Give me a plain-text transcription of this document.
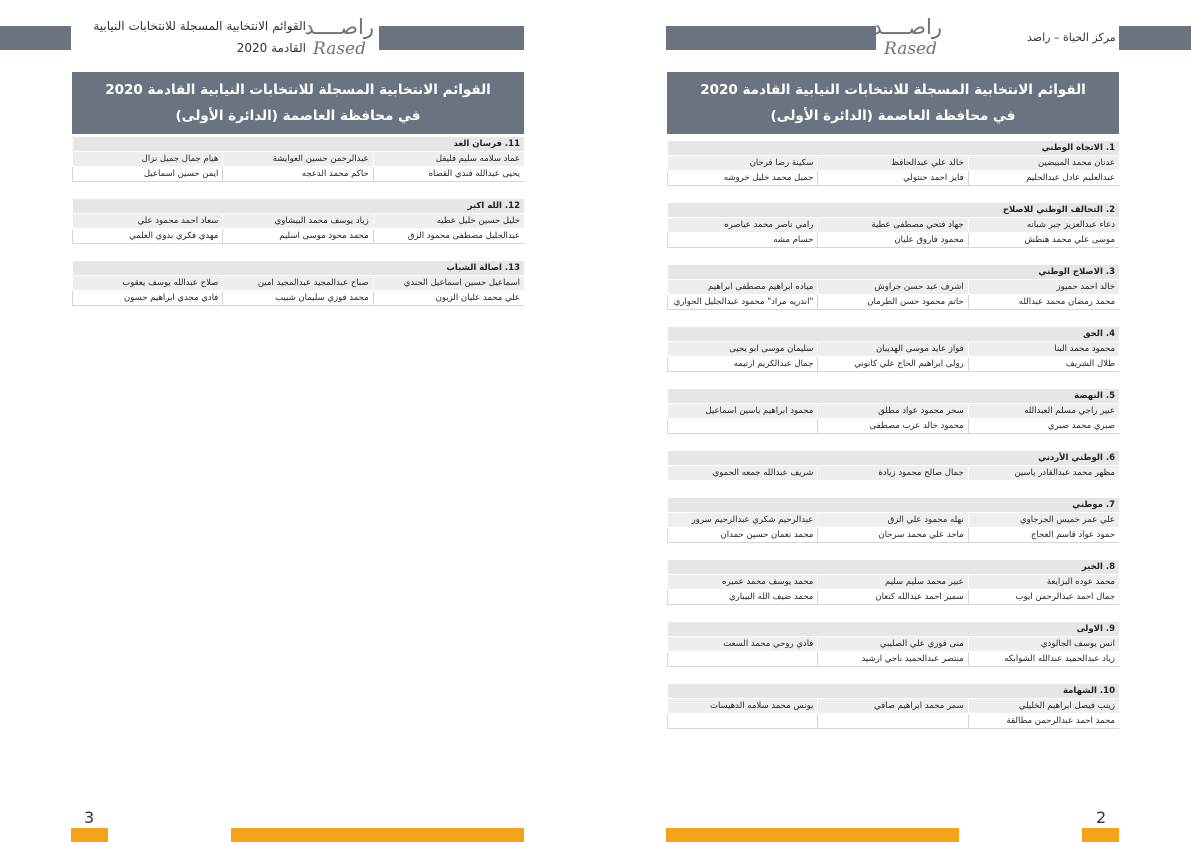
القوائم الانتخابية المسجلة للانتخابات النيابية
القادمة 2020
راصــــد
Rased
القوائم الانتخابية المسجلة للانتخابات النيابية القادمة 2020
في محافظة العاصمة (الدائرة الأولى)
11. فرسان الغد		
عماد سلامه سليم فليفل	عبدالرحمن حسين العوايشة	هيام جمال جميل نزال
يحيى عبدالله فندي القضاه	حاكم محمد الدعجه	ايمن حسين اسماعيل

12. الله اكبر		
خليل حسين خليل عطيه	زياد يوسف محمد البيشاوي	سعاد احمد محمود علي
عبدالجليل مصطفى محمود الزق	محمد محود موسى اسليم	مهدي فكري بدوي العلمي

13. اصالة الشباب		
اسماعيل حسين اسماعيل الجندي	صباح عبدالمجيد عبدالمجيد امين	صلاح عبدالله يوسف يعقوب
علي محمد عليان الزيون	محمد فوزي سليمان شبيب	فادي مجدي ابراهيم حسون
3
راصــــد
Rased
مركز الحياة – راصد
القوائم الانتخابية المسجلة للانتخابات النيابية القادمة 2020
في محافظة العاصمة (الدائرة الأولى)
1. الاتجاه الوطني		
عدنان محمد المبيضين	خالد علي عبدالحافظ	سكينة رضا فرحان
عبدالعليم عادل عبدالحليم	فايز احمد حنتولي	جميل محمد خليل خروشه

2. التحالف الوطني للاصلاح		
دعاء عبدالعزيز جبر شبانه	جهاد فتحي مصطفى عطية	رامي ناصر محمد عياصره
موسى علي محمد هنطش	محمود فاروق عليان	حسام مشه

3. الاصلاح الوطني		
خالد احمد حميوز	اشرف عبد حسن جراوش	مياده ابراهيم مصطفى ابراهيم
محمد رمضان محمد عبدالله	حاتم محمود حسن الطرمان	"اندريه مراد" محمود عبدالجليل الحواري

4. الحق		
محمود محمد البنا	فواز عايد موسى الهديبان	سليمان موسى ابو يحيى
طلال الشريف	رولى ابراهيم الحاج علي كانوني	جمال عبدالكريم ارتيمه

5. النهضة		
عبير راجي مسلم العبدالله	سحر محمود عواد مطلق	محمود ابراهيم ياسين اسماعيل
صبري محمد صبري	محمود خالد عرب مصطفى	

6. الوطني الأردني		
مظهر محمد عبدالقادر ياسين	جمال صالح محمود زيادة	شريف عبدالله جمعه الحموي

7. موطني		
علي عمر خميس الجرجاوي	نهله محمود علي الزق	عبدالرحيم شكري عبدالرحيم سرور
حمود عواد قاسم العجاج	ماجد علي محمد سرحان	محمد نعمان حسين حمدان

8. الخير		
محمد عوده البزايعة	عبير محمد سليم سليم	محمد يوسف محمد عميره
جمال احمد عبدالرحمن ايوب	سمير احمد عبدالله كنعان	محمد ضيف الله البيباري

9. الاولى		
انس يوسف الجالودي	منى فوزي علي الصليبي	فادي روحي محمد السعت
زياد عبدالحميد عبدالله الشوابكه	منتصر عبدالحميد ناجي ارشيد	

10. الشهامة		
زينب فيصل ابراهيم الخليلي	سمر محمد ابراهيم صافي	يونس محمد سلامه الدهيسات
محمد احمد عبدالرحمن مطالقة		
2
